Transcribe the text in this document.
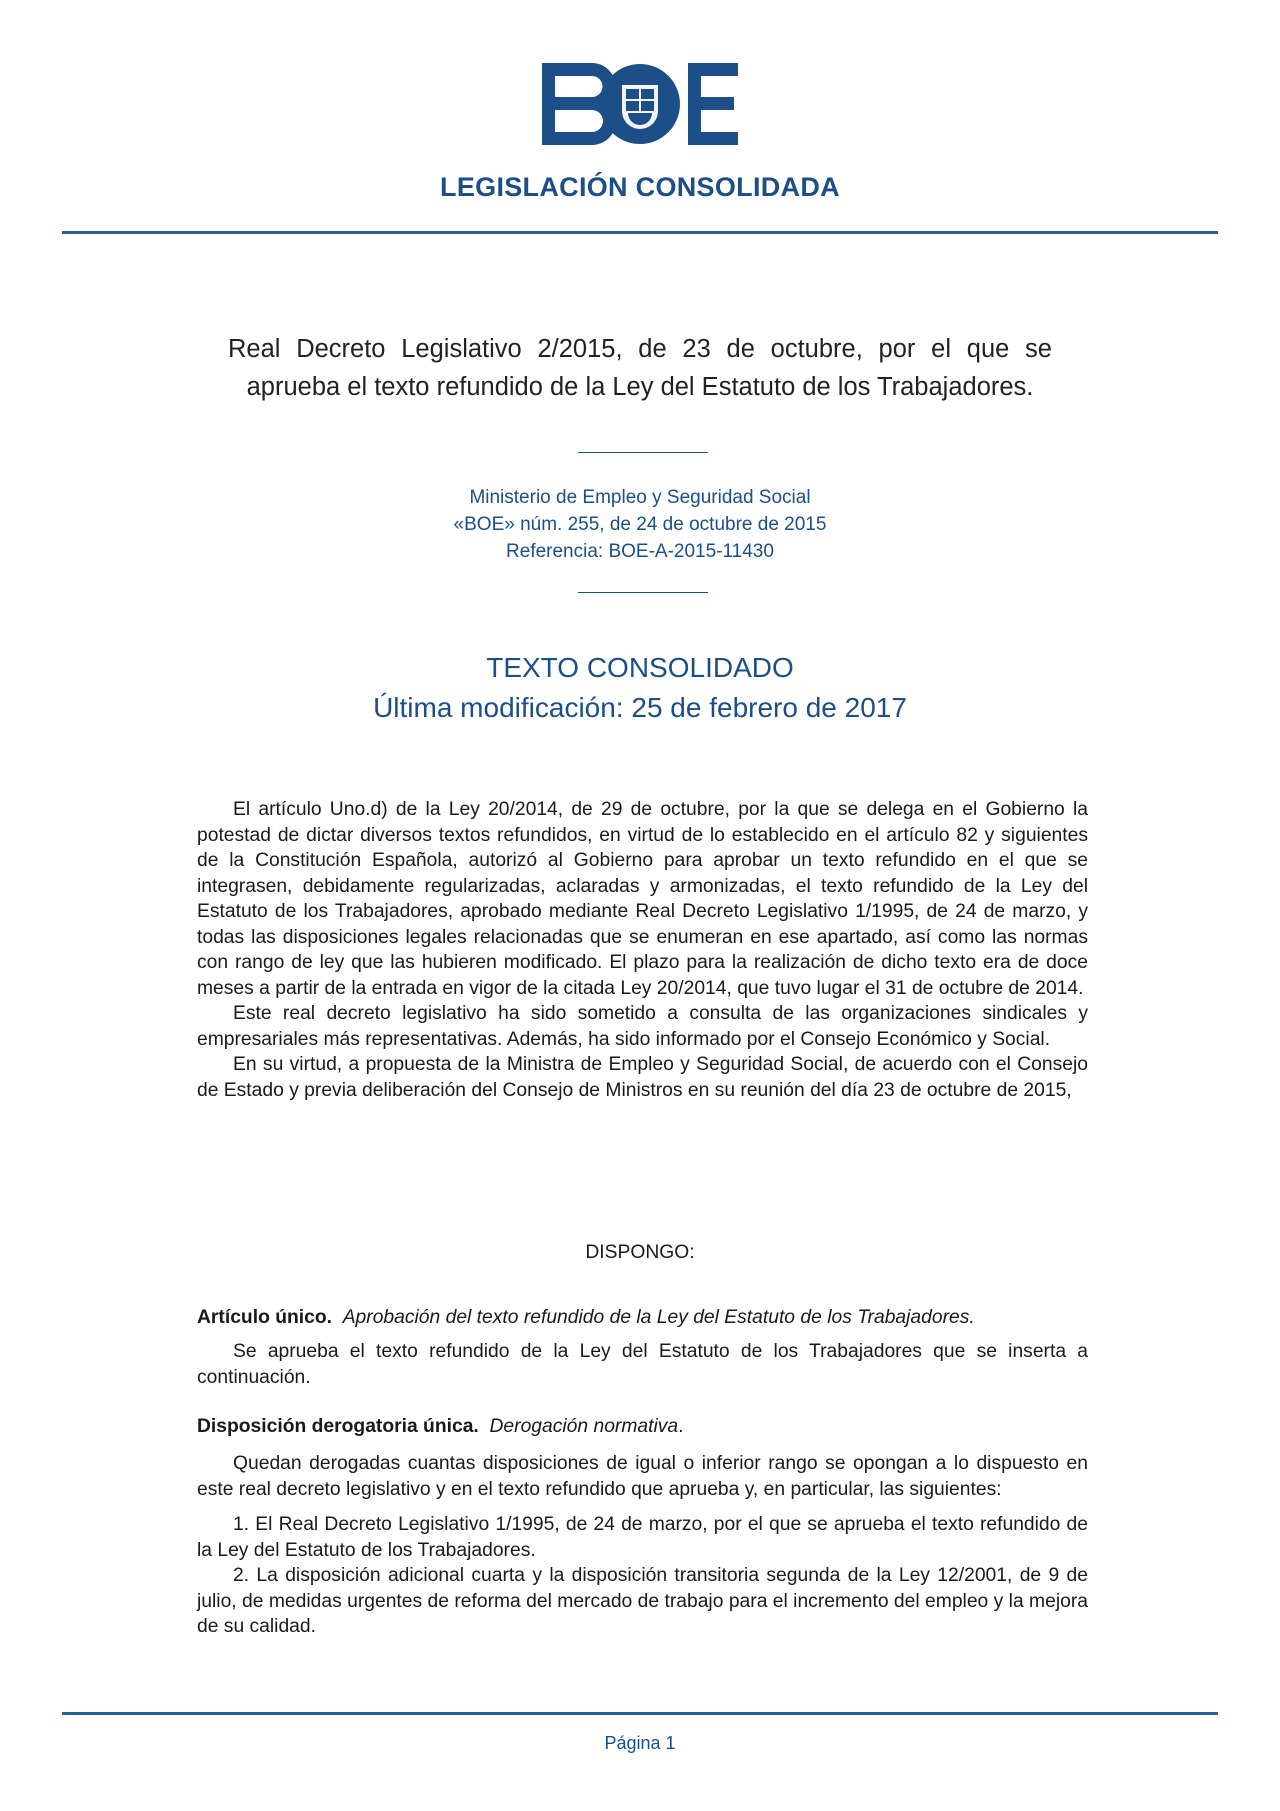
LEGISLACIÓN CONSOLIDADA
Real Decreto Legislativo 2/2015, de 23 de octubre, por el que se aprueba el texto refundido de la Ley del Estatuto de los Trabajadores.
Ministerio de Empleo y Seguridad Social
«BOE» núm. 255, de 24 de octubre de 2015
Referencia: BOE-A-2015-11430
TEXTO CONSOLIDADO
Última modificación: 25 de febrero de 2017

El artículo Uno.d) de la Ley 20/2014, de 29 de octubre, por la que se delega en el Gobierno la potestad de dictar diversos textos refundidos, en virtud de lo establecido en el artículo 82 y siguientes de la Constitución Española, autorizó al Gobierno para aprobar un texto refundido en el que se integrasen, debidamente regularizadas, aclaradas y armonizadas, el texto refundido de la Ley del Estatuto de los Trabajadores, aprobado mediante Real Decreto Legislativo 1/1995, de 24 de marzo, y todas las disposiciones legales relacionadas que se enumeran en ese apartado, así como las normas con rango de ley que las hubieren modificado. El plazo para la realización de dicho texto era de doce meses a partir de la entrada en vigor de la citada Ley 20/2014, que tuvo lugar el 31 de octubre de 2014.

Este real decreto legislativo ha sido sometido a consulta de las organizaciones sindicales y empresariales más representativas. Además, ha sido informado por el Consejo Económico y Social.

En su virtud, a propuesta de la Ministra de Empleo y Seguridad Social, de acuerdo con el Consejo de Estado y previa deliberación del Consejo de Ministros en su reunión del día 23 de octubre de 2015,

DISPONGO:
Artículo único. Aprobación del texto refundido de la Ley del Estatuto de los Trabajadores.

Se aprueba el texto refundido de la Ley del Estatuto de los Trabajadores que se inserta a continuación.

Disposición derogatoria única. Derogación normativa.

Quedan derogadas cuantas disposiciones de igual o inferior rango se opongan a lo dispuesto en este real decreto legislativo y en el texto refundido que aprueba y, en particular, las siguientes:

1. El Real Decreto Legislativo 1/1995, de 24 de marzo, por el que se aprueba el texto refundido de la Ley del Estatuto de los Trabajadores.

2. La disposición adicional cuarta y la disposición transitoria segunda de la Ley 12/2001, de 9 de julio, de medidas urgentes de reforma del mercado de trabajo para el incremento del empleo y la mejora de su calidad.

Página 1
